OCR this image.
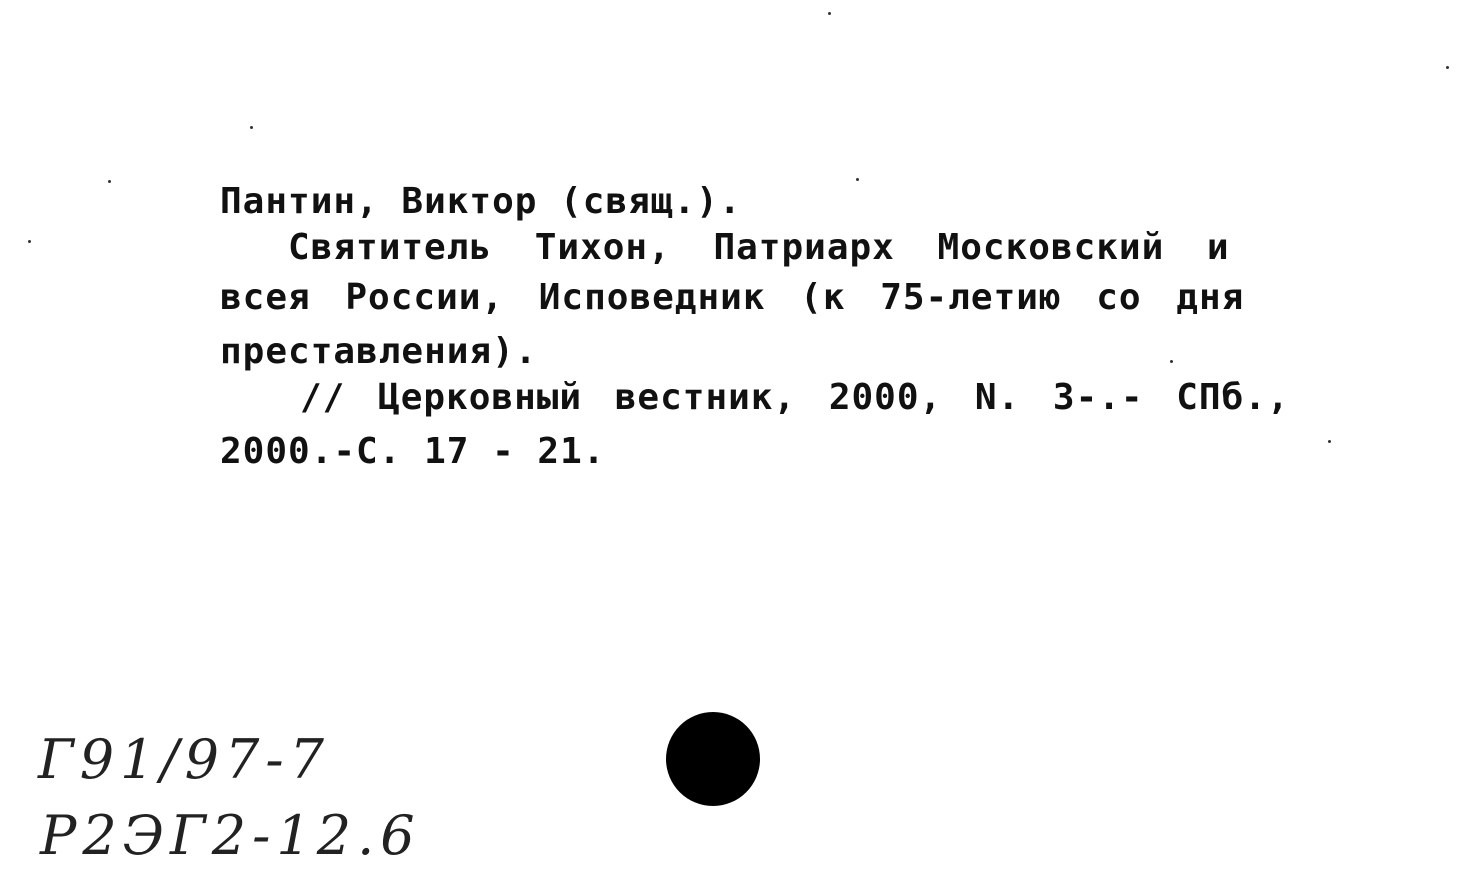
Пантин, Виктор (свящ.).
Святитель Тихон, Патриарх Московский и
всея России, Исповедник (к 75-летию со дня
преставления).
// Церковный вестник, 2000, N. 3-.- СПб.,
2000.-С. 17 - 21.
Г91/97-7
Р2ЭГ2-12.6
